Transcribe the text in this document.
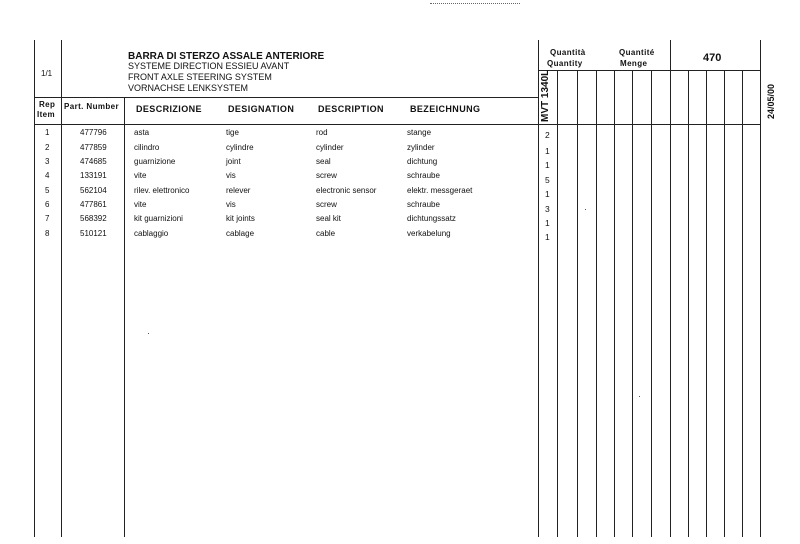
1/1
BARRA DI STERZO ASSALE ANTERIORE
SYSTEME DIRECTION ESSIEU AVANT
FRONT AXLE STEERING SYSTEM
VORNACHSE LENKSYSTEM
Quantità
Quantity
Quantité
Menge	470
MVT 1340L	24/05/00
Rep
Item
Part. Number DESCRIZIONE	DESIGNATION	DESCRIPTION	BEZEICHNUNG
1	477796	asta	tige	rod	stange	2
2	477859	cilindro	cylindre	cylinder	zylinder	1
3	474685	guarnizione	joint	seal	dichtung	1
4	133191	vite	vis	screw	schraube	5
5	562104	rilev. elettronico	relever	electronic sensor	elektr. messgeraet	1
6	477861	vite	vis	screw	schraube	3
7	568392	kit guarnizioni	kit joints	seal kit	dichtungssatz	1
8	510121	cablaggio	cablage	cable	verkabelung	1
